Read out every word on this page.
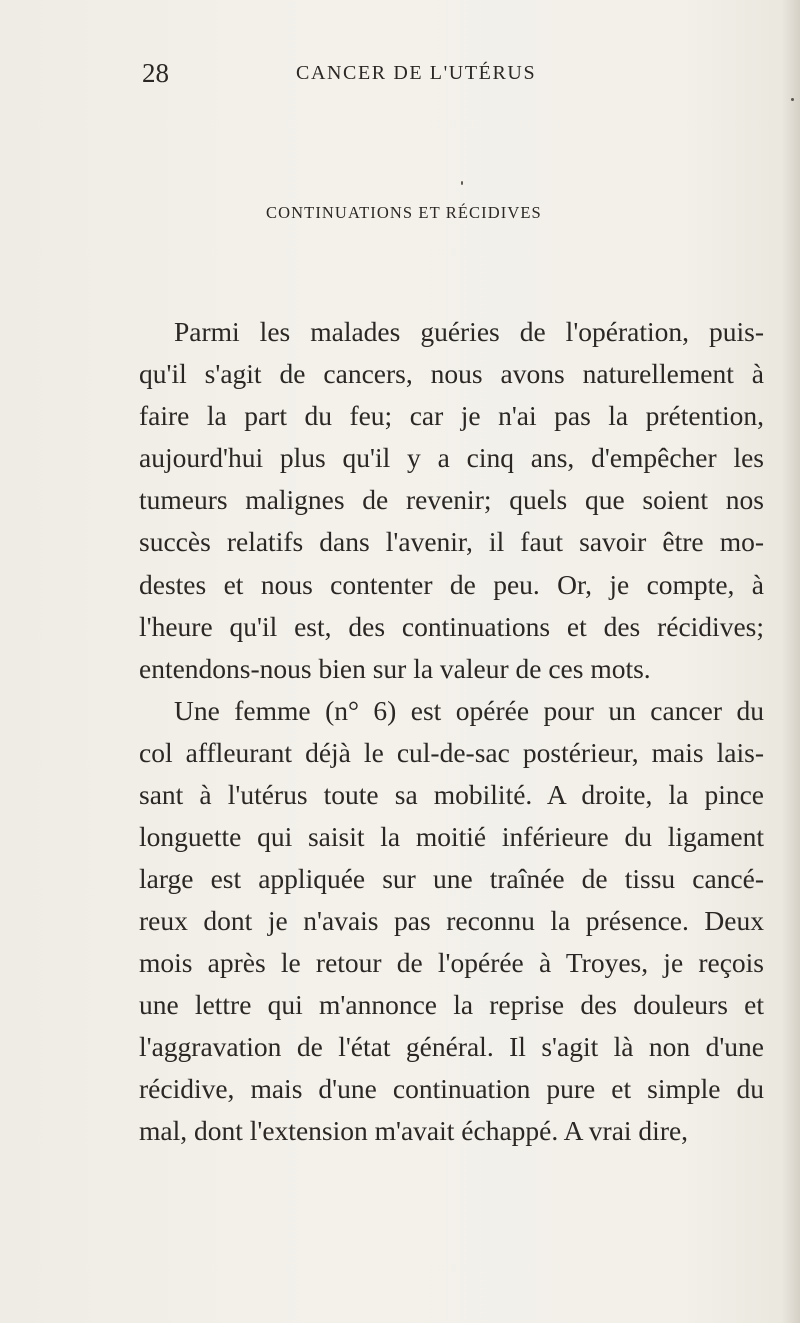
28	CANCER DE L'UTÉRUS
CONTINUATIONS ET RÉCIDIVES
Parmi les malades guéries de l'opération, puis-
qu'il s'agit de cancers, nous avons naturellement à
faire la part du feu; car je n'ai pas la prétention,
aujourd'hui plus qu'il y a cinq ans, d'empêcher les
tumeurs malignes de revenir; quels que soient nos
succès relatifs dans l'avenir, il faut savoir être mo-
destes et nous contenter de peu. Or, je compte, à
l'heure qu'il est, des continuations et des récidives;
entendons-nous bien sur la valeur de ces mots.
Une femme (n° 6) est opérée pour un cancer du
col affleurant déjà le cul-de-sac postérieur, mais lais-
sant à l'utérus toute sa mobilité. A droite, la pince
longuette qui saisit la moitié inférieure du ligament
large est appliquée sur une traînée de tissu cancé-
reux dont je n'avais pas reconnu la présence. Deux
mois après le retour de l'opérée à Troyes, je reçois
une lettre qui m'annonce la reprise des douleurs et
l'aggravation de l'état général. Il s'agit là non d'une
récidive, mais d'une continuation pure et simple du
mal, dont l'extension m'avait échappé. A vrai dire,
